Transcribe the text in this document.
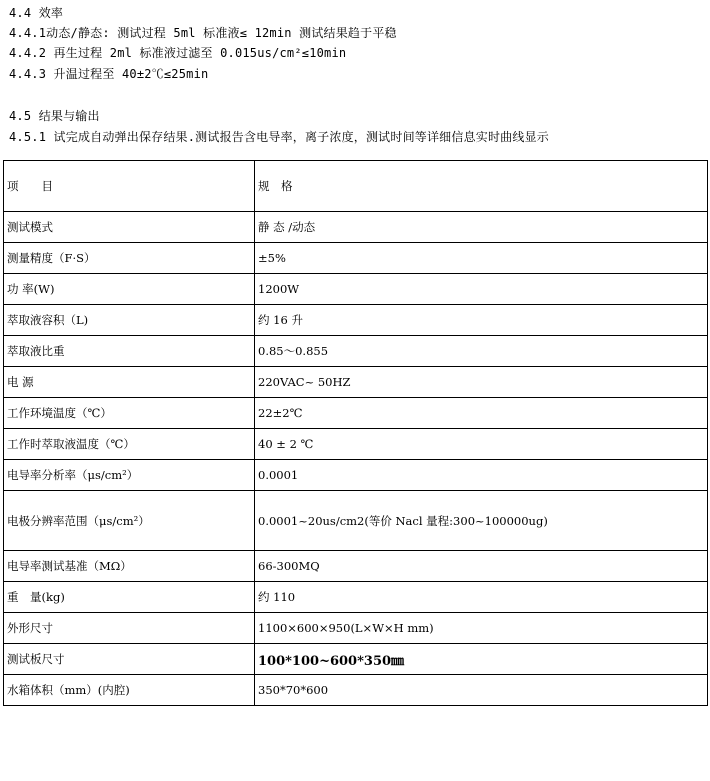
4.4 效率
4.4.1动态/静态: 测试过程 5ml 标准液≤ 12min 测试结果趋于平稳
4.4.2 再生过程 2ml 标准液过滤至 0.015us/cm²≤10min
4.4.3 升温过程至 40±2℃≤25min
4.5 结果与输出
4.5.1 试完成自动弹出保存结果.测试报告含电导率，离子浓度，测试时间等详细信息实时曲线显示
项　　目	规　格
测试模式	静 态 /动态
测量精度（F·S）	±5%
功 率(W)	1200W
萃取液容积（L)	约 16 升
萃取液比重	0.85～0.855
电 源	220VAC~ 50HZ
工作环境温度（℃）	22±2℃
工作时萃取液温度（℃）	40 ± 2 ℃
电导率分析率（μs/cm²）	0.0001
电极分辨率范围（μs/cm²）	0.0001~20us/cm2(等价 Nacl 量程:300~100000ug)
电导率测试基准（MΩ）	66-300MQ
重　量(kg)	约 110
外形尺寸	1100×600×950(L×W×H mm)
测试板尺寸	100*100~600*350㎜
水箱体积（mm）(内腔)	350*70*600
